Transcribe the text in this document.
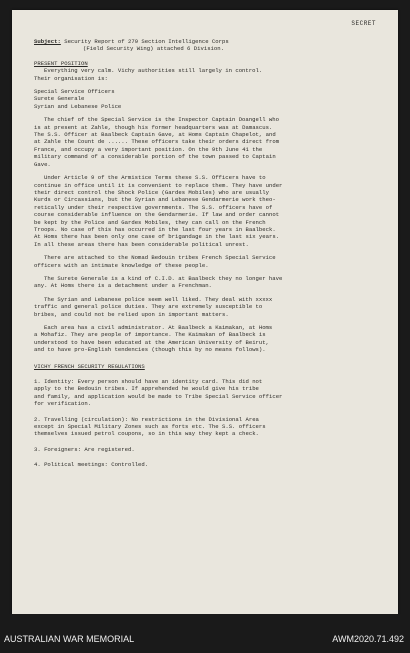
SECRET
Subject: Security Report of 279 Section Intelligence Corps
(Field Security Wing) attached 6 Division.
PRESENT POSITION
Everything very calm. Vichy authorities still largely in control.
Their organisation is:
Special Service Officers
Surete Generale
Syrian and Lebanese Police

The chief of the Special Service is the Inspector Captain Doangell who
is at present at Zahle, though his former headquarters was at Damascus.
The S.S. Officer at Baalbeck Captain Gave, at Homs Captain Chapelot, and
at Zahle the Count de ...... These officers take their orders direct from
France, and occupy a very important position. On the 9th June 41 the
military command of a considerable portion of the town passed to Captain
Gave.

Under Article 9 of the Armistice Terms these S.S. Officers have to
continue in office until it is convenient to replace them. They have under
their direct control the Shock Police (Gardes Mobiles) who are usually
Kurds or Circassians, but the Syrian and Lebanese Gendarmerie work theo-
retically under their respective governments. The S.S. officers have of
course considerable influence on the Gendarmerie. If law and order cannot
be kept by the Police and Gardes Mobiles, they can call on the French
Troops. No case of this has occurred in the last four years in Baalbeck.
At Homs there has been only one case of brigandage in the last six years.
In all these areas there has been considerable political unrest.

There are attached to the Nomad Bedouin tribes French Special Service
officers with an intimate knowledge of these people.

The Surete Generale is a kind of C.I.D. at Baalbeck they no longer have
any. At Homs there is a detachment under a Frenchman.

The Syrian and Lebanese police seem well liked. They deal with xxxxx
traffic and general police duties. They are extremely susceptible to
bribes, and could not be relied upon in important matters.

Each area has a civil administrator. At Baalbeck a Kaimakan, at Homs
a Mohafiz. They are people of importance. The Kaimakan of Baalbeck is
understood to have been educated at the American University of Beirut,
and to have pro-English tendencies (though this by no means follows).

VICHY FRENCH SECURITY REGULATIONS
1. Identity: Every person should have an identity card. This did not
apply to the Bedouin tribes. If apprehended he would give his tribe
and family, and application would be made to Tribe Special Service officer
for verification.
2. Travelling (circulation): No restrictions in the Divisional Area
except in Special Military Zones such as forts etc. The S.S. officers
themselves issued petrol coupons, so in this way they kept a check.
3. Foreigners: Are registered.
4. Political meetings: Controlled.
AUSTRALIAN WAR MEMORIAL	AWM2020.71.492
